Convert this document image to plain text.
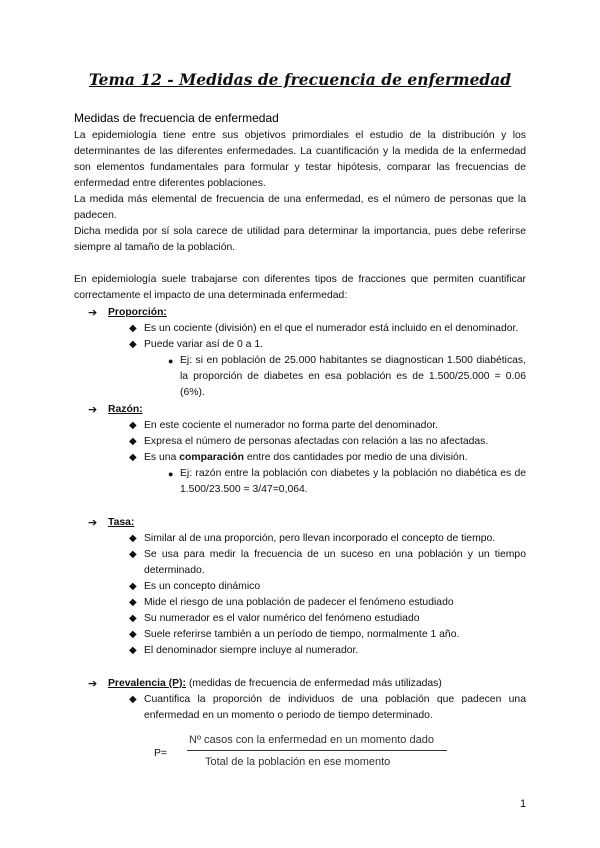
Tema 12 - Medidas de frecuencia de enfermedad
Medidas de frecuencia de enfermedad

La epidemiología tiene entre sus objetivos primordiales el estudio de la distribución y los determinantes de las diferentes enfermedades. La cuantificación y la medida de la enfermedad son elementos fundamentales para formular y testar hipótesis, comparar las frecuencias de enfermedad entre diferentes poblaciones.

La medida más elemental de frecuencia de una enfermedad, es el número de personas que la padecen.

Dicha medida por sí sola carece de utilidad para determinar la importancia, pues debe referirse siempre al tamaño de la población.

En epidemiología suele trabajarse con diferentes tipos de fracciones que permiten cuantificar correctamente el impacto de una determinada enfermedad:

➔ Proporción:
◆ Es un cociente (división) en el que el numerador está incluido en el denominador.
◆ Puede variar así de 0 a 1.
● Ej: si en población de 25.000 habitantes se diagnostican 1.500 diabéticas, la proporción de diabetes en esa población es de 1.500/25.000 = 0.06 (6%).
➔ Razón:
◆ En este cociente el numerador no forma parte del denominador.
◆ Expresa el número de personas afectadas con relación a las no afectadas.
◆ Es una comparación entre dos cantidades por medio de una división.
● Ej: razón entre la población con diabetes y la población no diabética es de 1.500/23.500 = 3/47=0,064.
➔ Tasa:
◆ Similar al de una proporción, pero llevan incorporado el concepto de tiempo.
◆ Se usa para medir la frecuencia de un suceso en una población y un tiempo determinado.
◆ Es un concepto dinámico
◆ Mide el riesgo de una población de padecer el fenómeno estudiado
◆ Su numerador es el valor numérico del fenómeno estudiado
◆ Suele referirse también a un período de tiempo, normalmente 1 año.
◆ El denominador siempre incluye al numerador.
➔ Prevalencia (P): (medidas de frecuencia de enfermedad más utilizadas)
◆ Cuantifica la proporción de individuos de una población que padecen una enfermedad en un momento o periodo de tiempo determinado.
P=
Nº casos con la enfermedad en un momento dado
Total de la población en ese momento
1
